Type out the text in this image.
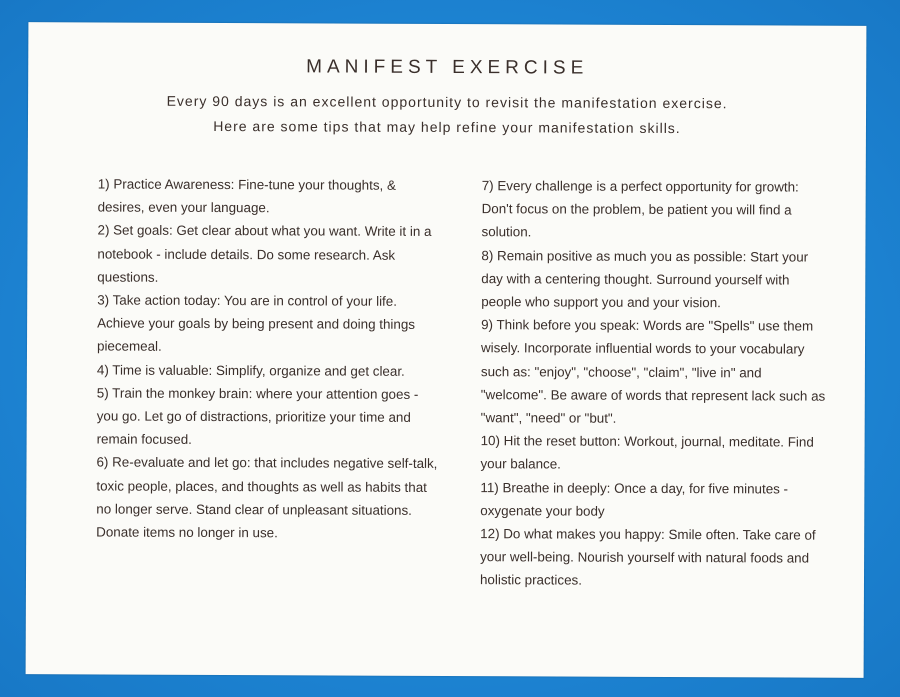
MANIFEST EXERCISE
Every 90 days is an excellent opportunity to revisit the manifestation exercise.
Here are some tips that may help refine your manifestation skills.

1) Practice Awareness: Fine-tune your thoughts, & desires, even your language.

2) Set goals: Get clear about what you want. Write it in a notebook - include details. Do some research. Ask questions.

3) Take action today: You are in control of your life. Achieve your goals by being present and doing things piecemeal.

4) Time is valuable: Simplify, organize and get clear.

5) Train the monkey brain: where your attention goes - you go. Let go of distractions, prioritize your time and remain focused.

6) Re-evaluate and let go: that includes negative self-talk, toxic people, places, and thoughts as well as habits that no longer serve. Stand clear of unpleasant situations. Donate items no longer in use.

7) Every challenge is a perfect opportunity for growth: Don't focus on the problem, be patient you will find a solution.

8) Remain positive as much you as possible: Start your day with a centering thought. Surround yourself with people who support you and your vision.

9) Think before you speak: Words are "Spells" use them wisely. Incorporate influential words to your vocabulary such as: "enjoy", "choose", "claim", "live in" and "welcome". Be aware of words that represent lack such as "want", "need" or "but".

10) Hit the reset button: Workout, journal, meditate. Find your balance.

11) Breathe in deeply: Once a day, for five minutes - oxygenate your body

12) Do what makes you happy: Smile often. Take care of your well-being. Nourish yourself with natural foods and holistic practices.
